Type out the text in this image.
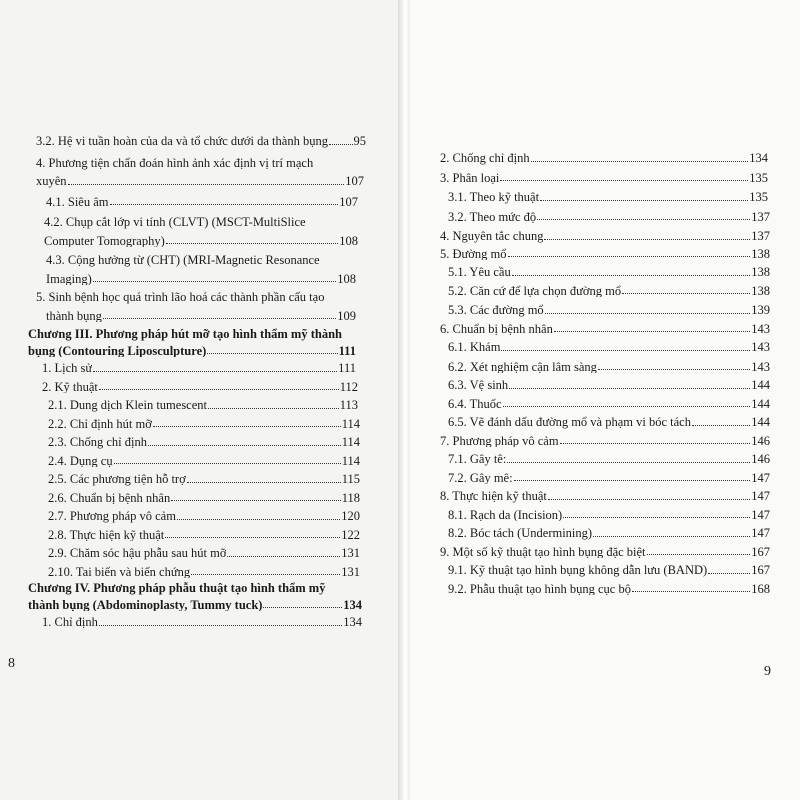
3.2. Hệ vi tuần hoàn của da và tổ chức dưới da thành bụng 95
4. Phương tiện chẩn đoán hình ảnh xác định vị trí mạch
xuyên	107
4.1. Siêu âm	107
4.2. Chụp cắt lớp vi tính (CLVT) (MSCT-MultiSlice
Computer Tomography)	108
4.3. Cộng hưởng từ (CHT) (MRI-Magnetic Resonance
Imaging)	108
5. Sinh bệnh học quá trình lão hoá các thành phần cấu tạo
thành bụng	109
Chương III. Phương pháp hút mỡ tạo hình thẩm mỹ thành
bụng (Contouring Liposculpture)	111
1. Lịch sử	111
2. Kỹ thuật	112
2.1. Dung dịch Klein tumescent	113
2.2. Chỉ định hút mỡ	114
2.3. Chống chỉ định	114
2.4. Dụng cụ	114
2.5. Các phương tiện hỗ trợ	115
2.6. Chuẩn bị bệnh nhân	118
2.7. Phương pháp vô cảm	120
2.8. Thực hiện kỹ thuật	122
2.9. Chăm sóc hậu phẫu sau hút mỡ	131
2.10. Tai biến và biến chứng	131
Chương IV. Phương pháp phẫu thuật tạo hình thẩm mỹ
thành bụng (Abdominoplasty, Tummy tuck)	134
1. Chỉ định	134
8
2. Chống chỉ định	134
3. Phân loại	135
3.1. Theo kỹ thuật	135
3.2. Theo mức độ	137
4. Nguyên tắc chung	137
5. Đường mổ	138
5.1. Yêu cầu	138
5.2. Căn cứ để lựa chọn đường mổ	138
5.3. Các đường mổ	139
6. Chuẩn bị bệnh nhân	143
6.1. Khám	143
6.2. Xét nghiệm cận lâm sàng	143
6.3. Vệ sinh	144
6.4. Thuốc	144
6.5. Vẽ đánh dấu đường mổ và phạm vi bóc tách	144
7. Phương pháp vô cảm	146
7.1. Gây tê:	146
7.2. Gây mê:	147
8. Thực hiện kỹ thuật	147
8.1. Rạch da (Incision)	147
8.2. Bóc tách (Undermining)	147
9. Một số kỹ thuật tạo hình bụng đặc biệt	167
9.1. Kỹ thuật tạo hình bụng không dẫn lưu (BAND)	167
9.2. Phẫu thuật tạo hình bụng cục bộ	168
9
